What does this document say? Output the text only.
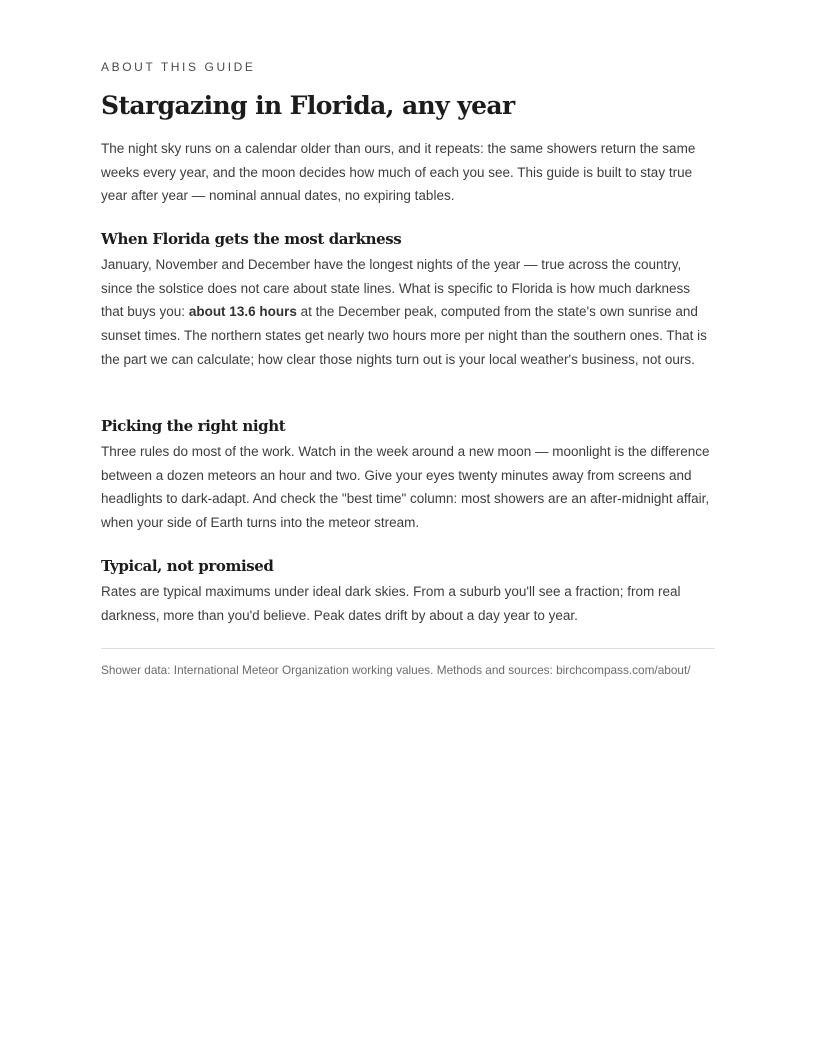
ABOUT THIS GUIDE
Stargazing in Florida, any year

The night sky runs on a calendar older than ours, and it repeats: the same showers return the same weeks every year, and the moon decides how much of each you see. This guide is built to stay true year after year — nominal annual dates, no expiring tables.

When Florida gets the most darkness

January, November and December have the longest nights of the year — true across the country, since the solstice does not care about state lines. What is specific to Florida is how much darkness that buys you: about 13.6 hours at the December peak, computed from the state's own sunrise and sunset times. The northern states get nearly two hours more per night than the southern ones. That is the part we can calculate; how clear those nights turn out is your local weather's business, not ours.

Picking the right night

Three rules do most of the work. Watch in the week around a new moon — moonlight is the difference between a dozen meteors an hour and two. Give your eyes twenty minutes away from screens and headlights to dark-adapt. And check the "best time" column: most showers are an after-midnight affair, when your side of Earth turns into the meteor stream.

Typical, not promised

Rates are typical maximums under ideal dark skies. From a suburb you'll see a fraction; from real darkness, more than you'd believe. Peak dates drift by about a day year to year.

Shower data: International Meteor Organization working values. Methods and sources: birchcompass.com/about/
